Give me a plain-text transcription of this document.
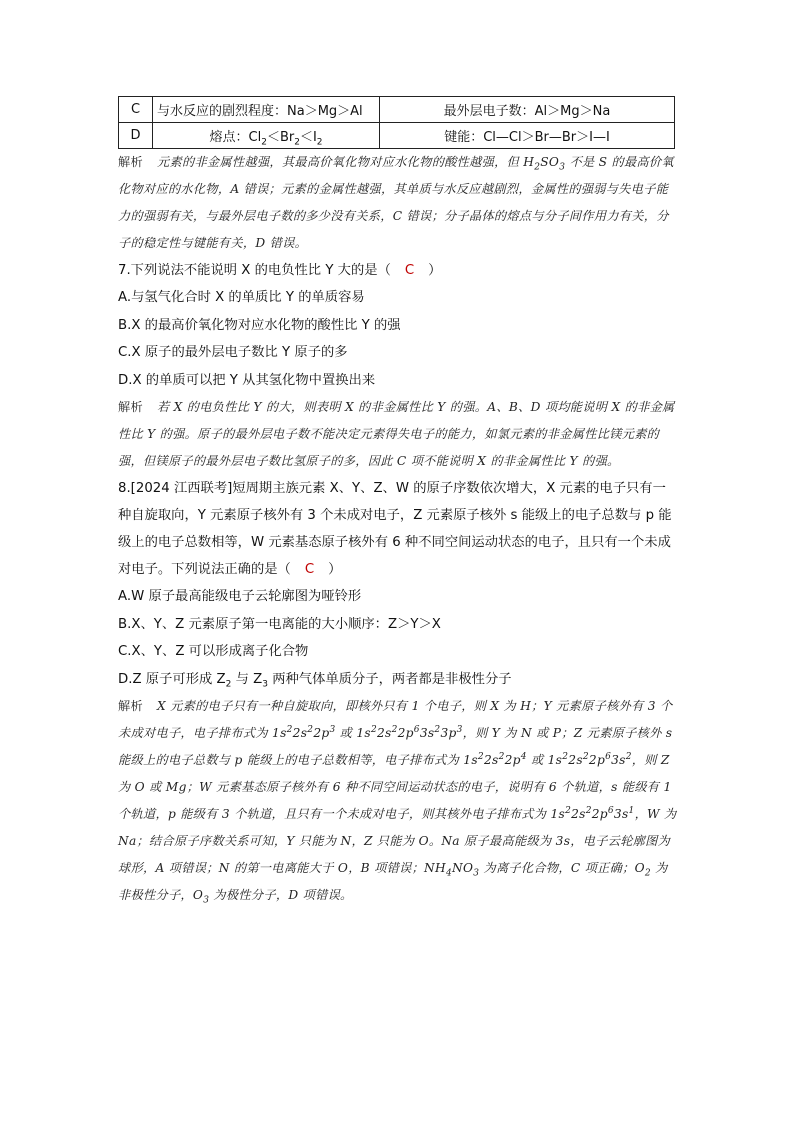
C	与水反应的剧烈程度：Na＞Mg＞Al	最外层电子数：Al＞Mg＞Na
D	熔点：$Cl_2<Br_2<I_2$	键能：Cl—Cl＞Br—Br＞I—I

解析 元素的非金属性越强，其最高价氧化物对应水化物的酸性越强，但 $H_2SO_3$ 不是 S 的最高价氧化物对应的水化物，A 错误；元素的金属性越强，其单质与水反应越剧烈，金属性的强弱与失电子能力的强弱有关，与最外层电子数的多少没有关系，C 错误；分子晶体的熔点与分子间作用力有关，分子的稳定性与键能有关，D 错误。

7.下列说法不能说明 X 的电负性比 Y 大的是（ C ）

A.与氢气化合时 X 的单质比 Y 的单质容易

B.X 的最高价氧化物对应水化物的酸性比 Y 的强

C.X 原子的最外层电子数比 Y 原子的多

D.X 的单质可以把 Y 从其氢化物中置换出来

解析 若 X 的电负性比 Y 的大，则表明 X 的非金属性比 Y 的强。A、B、D 项均能说明 X 的非金属性比 Y 的强。原子的最外层电子数不能决定元素得失电子的能力，如氯元素的非金属性比镁元素的强，但镁原子的最外层电子数比氢原子的多，因此 C 项不能说明 X 的非金属性比 Y 的强。

8.[2024 江西联考]短周期主族元素 X、Y、Z、W 的原子序数依次增大，X 元素的电子只有一种自旋取向，Y 元素原子核外有 3 个未成对电子，Z 元素原子核外 s 能级上的电子总数与 p 能级上的电子总数相等，W 元素基态原子核外有 6 种不同空间运动状态的电子，且只有一个未成对电子。下列说法正确的是（ C ）

A.W 原子最高能级电子云轮廓图为哑铃形

B.X、Y、Z 元素原子第一电离能的大小顺序：Z＞Y＞X

C.X、Y、Z 可以形成离子化合物

D.Z 原子可形成 $Z_2$ 与 $Z_3$ 两种气体单质分子，两者都是非极性分子

解析 X 元素的电子只有一种自旋取向，即核外只有 1 个电子，则 X 为 H；Y 元素原子核外有 3 个未成对电子，电子排布式为 $1s^22s^22p^3$ 或 $1s^22s^22p^63s^23p^3$，则 Y 为 N 或 P；Z 元素原子核外 s 能级上的电子总数与 p 能级上的电子总数相等，电子排布式为 $1s^22s^22p^4$ 或 $1s^22s^22p^63s^2$，则 Z 为 O 或 Mg；W 元素基态原子核外有 6 种不同空间运动状态的电子，说明有 6 个轨道，s 能级有 1 个轨道，p 能级有 3 个轨道，且只有一个未成对电子，则其核外电子排布式为 $1s^22s^22p^63s^1$，W 为 Na；结合原子序数关系可知，Y 只能为 N，Z 只能为 O。Na 原子最高能级为 3s，电子云轮廓图为球形，A 项错误；N 的第一电离能大于 O，B 项错误；$NH_4NO_3$ 为离子化合物，C 项正确；$O_2$ 为非极性分子，$O_3$ 为极性分子，D 项错误。
